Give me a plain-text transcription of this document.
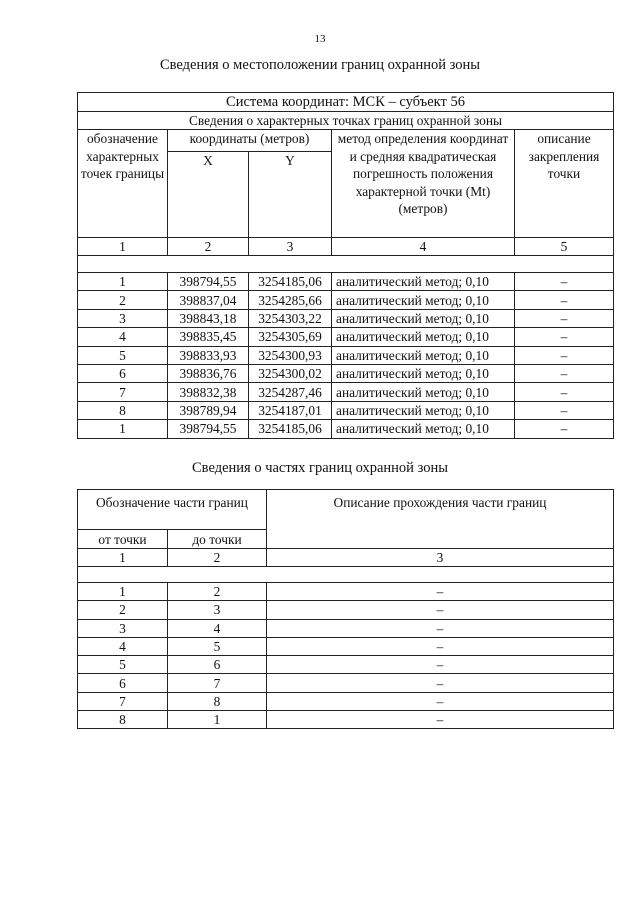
13
Сведения о местоположении границ охранной зоны
Система координат: МСК – субъект 56				
Сведения о характерных точках границ охранной зоны				
обозначение характерных точек границы	координаты (метров)		метод определения координат и средняя квадратическая погрешность положения характерной точки (Mt) (метров)	описание закрепления точки
	X	Y		
1	2	3	4	5

1	398794,55	3254185,06	аналитический метод; 0,10	–
2	398837,04	3254285,66	аналитический метод; 0,10	–
3	398843,18	3254303,22	аналитический метод; 0,10	–
4	398835,45	3254305,69	аналитический метод; 0,10	–
5	398833,93	3254300,93	аналитический метод; 0,10	–
6	398836,76	3254300,02	аналитический метод; 0,10	–
7	398832,38	3254287,46	аналитический метод; 0,10	–
8	398789,94	3254187,01	аналитический метод; 0,10	–
1	398794,55	3254185,06	аналитический метод; 0,10	–
Сведения о частях границ охранной зоны
Обозначение части границ		Описание прохождения части границ
от точки	до точки	
1	2	3

1	2	–
2	3	–
3	4	–
4	5	–
5	6	–
6	7	–
7	8	–
8	1	–
